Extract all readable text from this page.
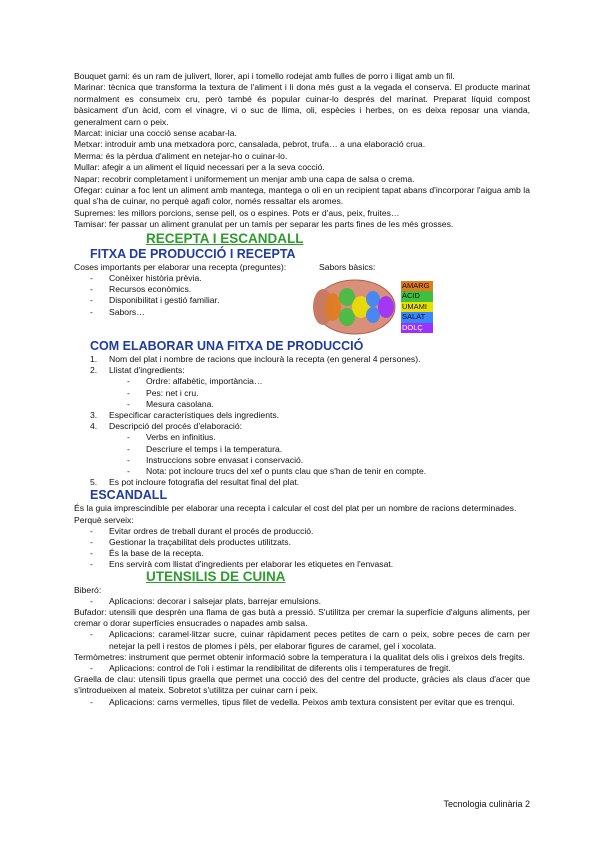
Bouquet garni: és un ram de julivert, llorer, api i tomello rodejat amb fulles de porro i lligat amb un fil.

Marinar: tècnica que transforma la textura de l'aliment i li dona més gust a la vegada el conserva. El producte marinat normalment es consumeix cru, però també és popular cuinar-lo després del marinat. Preparat líquid compost bàsicament d'un àcid, com el vinagre, vi o suc de llima, oli, espècies i herbes, on es deixa reposar una vianda, generalment carn o peix.

Marcat: iniciar una cocció sense acabar-la.

Metxar: introduir amb una metxadora porc, cansalada, pebrot, trufa… a una elaboració crua.

Merma: és la pèrdua d'aliment en netejar-ho o cuinar-lo.

Mullar: afegir a un aliment el líquid necessari per a la seva cocció.

Napar: recobrir completament i uniformement un menjar amb una capa de salsa o crema.

Ofegar: cuinar a foc lent un aliment amb mantega, mantega o oli en un recipient tapat abans d'incorporar l'aigua amb la qual s'ha de cuinar, no perquè agafi color, només ressaltar els aromes.

Supremes: les millors porcions, sense pell, os o espines. Pots er d'aus, peix, fruites…

Tamisar: fer passar un aliment granulat per un tamís per separar les parts fines de les més grosses.

RECEPTA I ESCANDALL
FITXA DE PRODUCCIÓ I RECEPTA

Coses importants per elaborar una recepta (preguntes):

- Conèixer història prèvia.
- Recursos econòmics.
- Disponibilitat i gestió familiar.
- Sabors…

Sabors bàsics:

AMARG
ÀCID
UMAMI
SALAT
DOLÇ
COM ELABORAR UNA FITXA DE PRODUCCIÓ
1. Nom del plat i nombre de racions que inclourà la recepta (en general 4 persones).
2. Llistat d'ingredients:
- Ordre: alfabètic, importància…
- Pes: net i cru.
- Mesura casolana.
3. Especificar característiques dels ingredients.
4. Descripció del procés d'elaboració:
- Verbs en infinitius.
- Descriure el temps i la temperatura.
- Instruccions sobre envasat i conservació.
- Nota: pot incloure trucs del xef o punts clau que s'han de tenir en compte.
5. Es pot incloure fotografia del resultat final del plat.
ESCANDALL

És la guia imprescindible per elaborar una recepta i calcular el cost del plat per un nombre de racions determinades.

Perquè serveix:

- Evitar ordres de treball durant el procés de producció.
- Gestionar la traçabilitat dels productes utilitzats.
- És la base de la recepta.
- Ens servirà com llistat d'ingredients per elaborar les etiquetes en l'envasat.
UTENSILIS DE CUINA

Biberó:

- Aplicacions: decorar i salsejar plats, barrejar emulsions.

Bufador: utensili que desprèn una flama de gas butà a pressió. S'utilitza per cremar la superfície d'alguns aliments, per cremar o dorar superfícies ensucrades o napades amb salsa.

- Aplicacions: caramel·litzar sucre, cuinar ràpidament peces petites de carn o peix, sobre peces de carn per netejar la pell i restos de plomes i pèls, per elaborar figures de caramel, gel i xocolata.

Termòmetres: instrument que permet obtenir informació sobre la temperatura i la qualitat dels olis i greixos dels fregits.

- Aplicacions: control de l'oli i estimar la rendibilitat de diferents olis i temperatures de fregit.

Graella de clau: utensili tipus graella que permet una cocció des del centre del producte, gràcies als claus d'acer que s'introdueixen al mateix. Sobretot s'utilitza per cuinar carn i peix.

- Aplicacions: carns vermelles, tipus filet de vedella. Peixos amb textura consistent per evitar que es trenqui.
Tecnologia culinària 2
